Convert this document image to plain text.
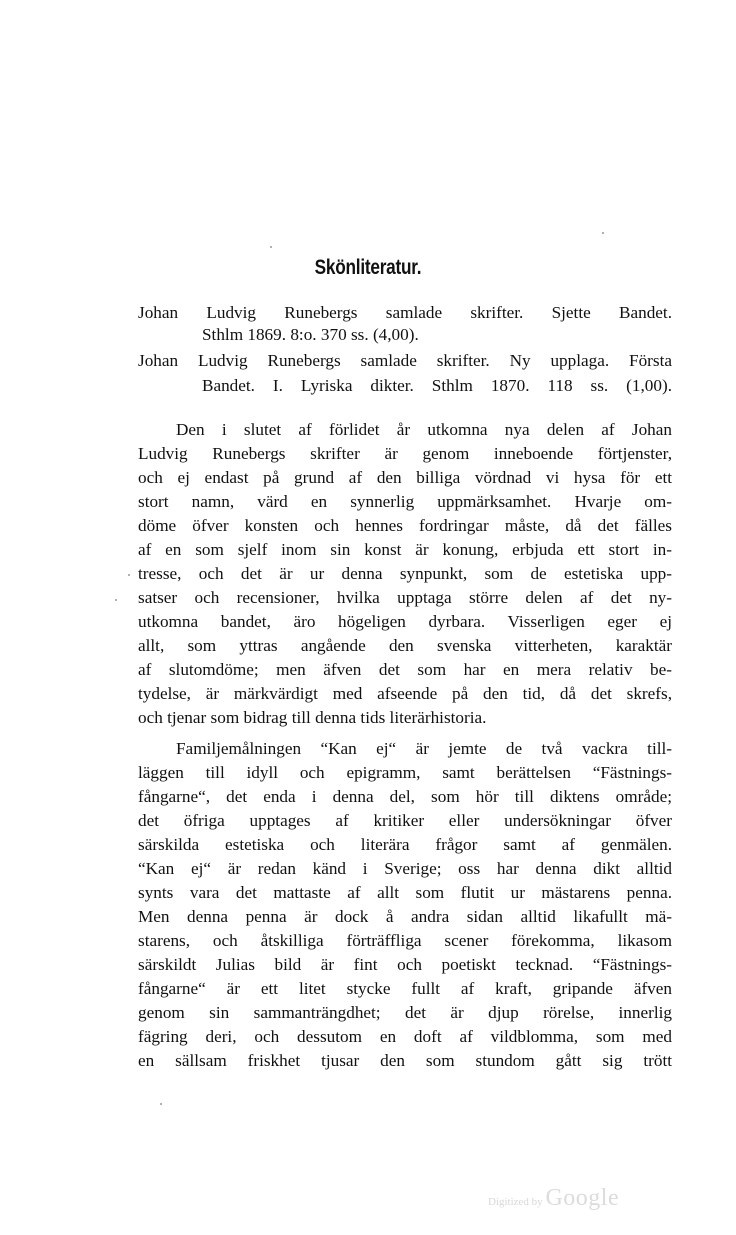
Skönliteratur.
Johan Ludvig Runebergs samlade skrifter. Sjette Bandet.
Sthlm 1869. 8:o. 370 ss. (4,00).
Johan Ludvig Runebergs samlade skrifter. Ny upplaga. Första
Bandet. I. Lyriska dikter. Sthlm 1870. 118 ss. (1,00).
Den i slutet af förlidet år utkomna nya delen af Johan
Ludvig Runebergs skrifter är genom inneboende förtjenster,
och ej endast på grund af den billiga vördnad vi hysa för ett
stort namn, värd en synnerlig uppmärksamhet. Hvarje om-
döme öfver konsten och hennes fordringar måste, då det fälles
af en som sjelf inom sin konst är konung, erbjuda ett stort in-
tresse, och det är ur denna synpunkt, som de estetiska upp-
satser och recensioner, hvilka upptaga större delen af det ny-
utkomna bandet, äro högeligen dyrbara. Visserligen eger ej
allt, som yttras angående den svenska vitterheten, karaktär
af slutomdöme; men äfven det som har en mera relativ be-
tydelse, är märkvärdigt med afseende på den tid, då det skrefs,
och tjenar som bidrag till denna tids literärhistoria.
Familjemålningen “Kan ej“ är jemte de två vackra till-
läggen till idyll och epigramm, samt berättelsen “Fästnings-
fångarne“, det enda i denna del, som hör till diktens område;
det öfriga upptages af kritiker eller undersökningar öfver
särskilda estetiska och literära frågor samt af genmälen.
“Kan ej“ är redan känd i Sverige; oss har denna dikt alltid
synts vara det mattaste af allt som flutit ur mästarens penna.
Men denna penna är dock å andra sidan alltid likafullt mä-
starens, och åtskilliga förträffliga scener förekomma, likasom
särskildt Julias bild är fint och poetiskt tecknad. “Fästnings-
fångarne“ är ett litet stycke fullt af kraft, gripande äfven
genom sin sammanträngdhet; det är djup rörelse, innerlig
fägring deri, och dessutom en doft af vildblomma, som med
en sällsam friskhet tjusar den som stundom gått sig trött
Digitized by Google
